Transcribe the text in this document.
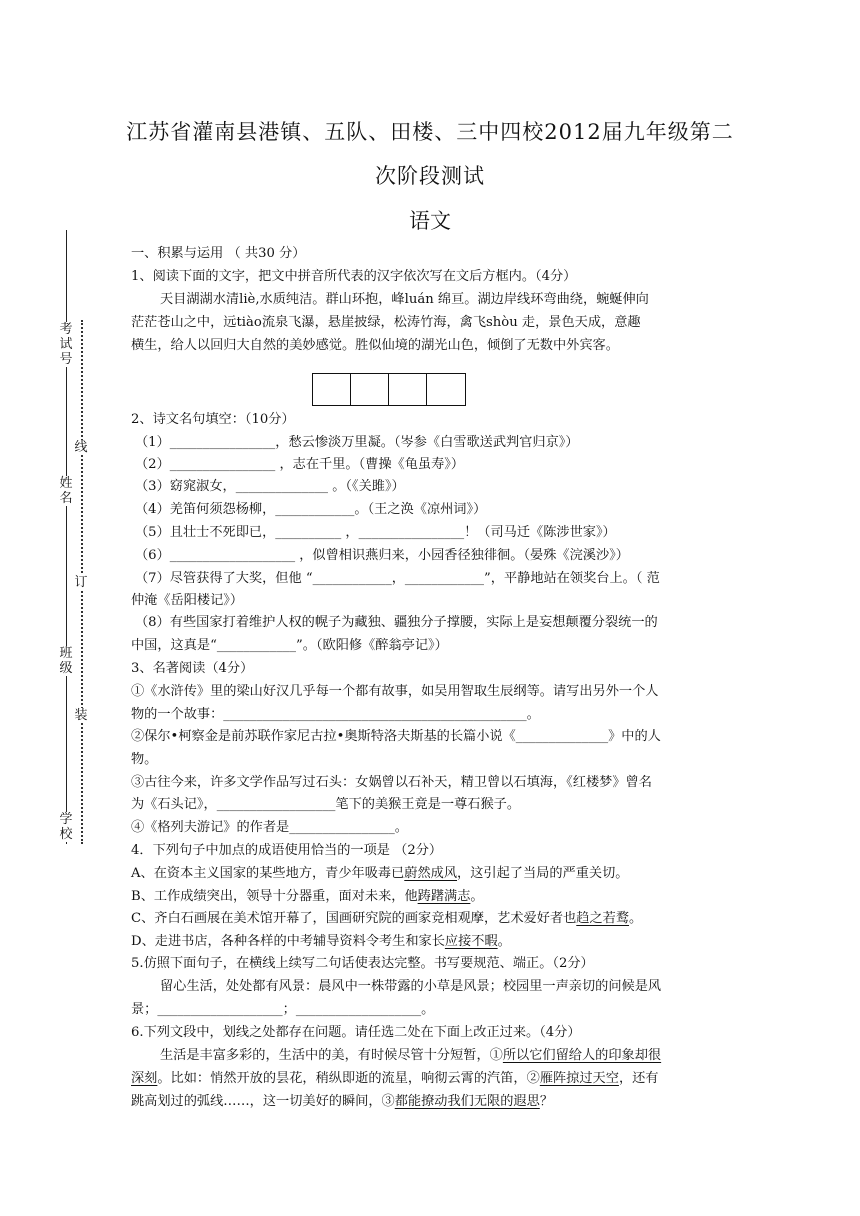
考试号
姓名
班级
学校
线
订
装
江苏省灌南县港镇、五队、田楼、三中四校2012届九年级第二
次阶段测试
语文
一、积累与运用 （ 共30 分）
1、阅读下面的文字，把文中拼音所代表的汉字依次写在文后方框内。（4分）
天目湖湖水清liè,水质纯洁。群山环抱，峰luán 绵亘。湖边岸线环弯曲绕，蜿蜒伸向
茫茫苍山之中，远tiào流泉飞瀑，悬崖披绿，松涛竹海，禽飞shòu 走，景色天成，意趣
横生，给人以回归大自然的美妙感觉。胜似仙境的湖光山色，倾倒了无数中外宾客。
2、诗文名句填空：（10分）
（1）________________，愁云惨淡万里凝。（岑参《白雪歌送武判官归京》）
（2）________________ ，志在千里。（曹操《龟虽寿》）
（3）窈窕淑女，______________ 。（《关雎》）
（4）羌笛何须怨杨柳，____________。（王之涣《凉州词》）
（5）且壮士不死即已，__________ ，________________！（司马迁《陈涉世家》）
（6）___________________ ，似曾相识燕归来，小园香径独徘徊。（晏殊《浣溪沙》）
（7）尽管获得了大奖，但他 “____________，____________”，平静地站在领奖台上。（ 范
仲淹《岳阳楼记》）
（8）有些国家打着维护人权的幌子为藏独、疆独分子撑腰，实际上是妄想颠覆分裂统一的
中国，这真是“____________”。（欧阳修《醉翁亭记》）
3、名著阅读（4分）
①《水浒传》里的梁山好汉几乎每一个都有故事，如吴用智取生辰纲等。请写出另外一个人
物的一个故事：______________________________________________。
②保尔•柯察金是前苏联作家尼古拉•奥斯特洛夫斯基的长篇小说《______________》中的人
物。
③古往今来，许多文学作品写过石头：女娲曾以石补天，精卫曾以石填海，《红楼梦》曾名
为《石头记》，__________________笔下的美猴王竟是一尊石猴子。
④《格列夫游记》的作者是________________。
4．下列句子中加点的成语使用恰当的一项是 （2分）
A、在资本主义国家的某些地方，青少年吸毒已蔚然成风，这引起了当局的严重关切。
B、工作成绩突出，领导十分器重，面对未来，他踌躇满志。
C、齐白石画展在美术馆开幕了，国画研究院的画家竞相观摩，艺术爱好者也趋之若鹜。
D、走进书店，各种各样的中考辅导资料令考生和家长应接不暇。
5.仿照下面句子，在横线上续写二句话使表达完整。书写要规范、端正。（2分）
留心生活，处处都有风景：晨风中一株带露的小草是风景；校园里一声亲切的问候是风
景；___________________；___________________。
6.下列文段中，划线之处都存在问题。请任选二处在下面上改正过来。（4分）
生活是丰富多彩的，生活中的美，有时候尽管十分短暂，①所以它们留给人的印象却很
深刻。比如：悄然开放的昙花，稍纵即逝的流星，响彻云霄的汽笛，②雁阵掠过天空，还有
跳高划过的弧线……，这一切美好的瞬间，③都能撩动我们无限的遐思？
